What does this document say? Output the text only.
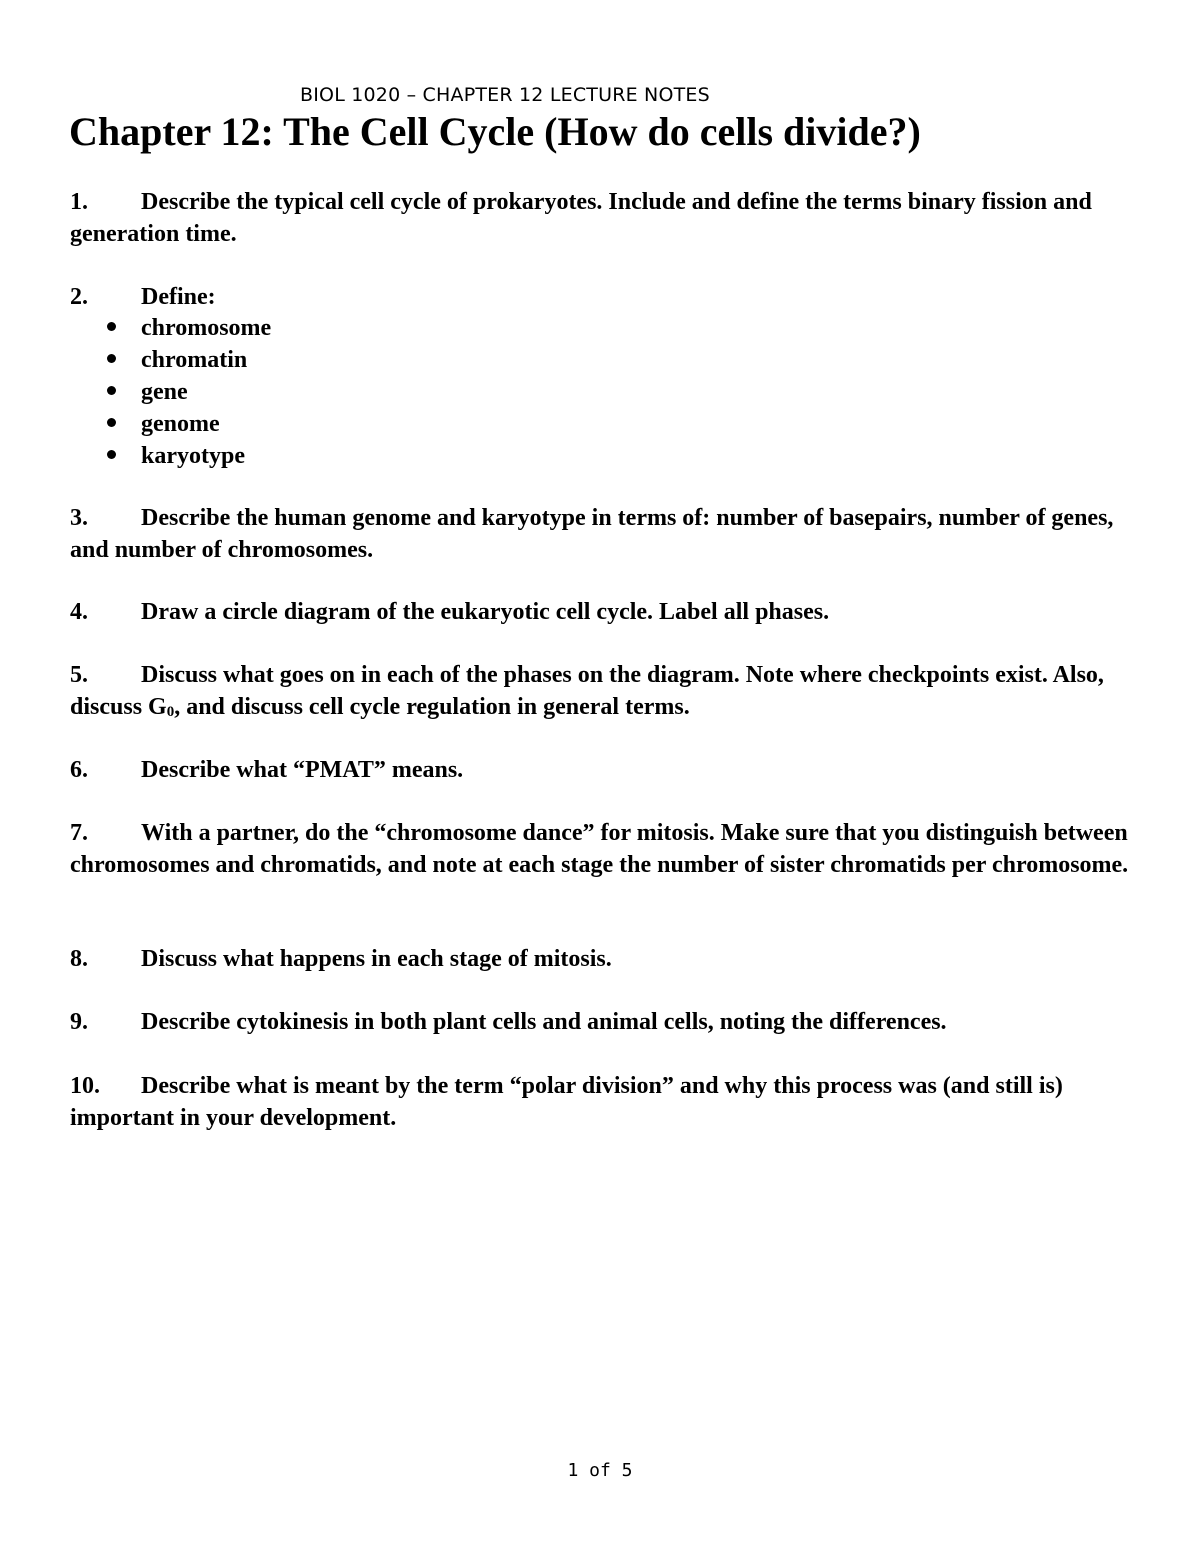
BIOL 1020 – CHAPTER 12 LECTURE NOTES
Chapter 12: The Cell Cycle (How do cells divide?)

1. Describe the typical cell cycle of prokaryotes. Include and define the terms binary fission and generation time.

2. Define:

chromosome
chromatin
gene
genome
karyotype

3. Describe the human genome and karyotype in terms of: number of basepairs, number of genes, and number of chromosomes.

4. Draw a circle diagram of the eukaryotic cell cycle. Label all phases.

5. Discuss what goes on in each of the phases on the diagram. Note where checkpoints exist. Also, discuss $G_0$, and discuss cell cycle regulation in general terms.

6. Describe what “PMAT” means.

7. With a partner, do the “chromosome dance” for mitosis. Make sure that you distinguish between chromosomes and chromatids, and note at each stage the number of sister chromatids per chromosome.

8. Discuss what happens in each stage of mitosis.

9. Describe cytokinesis in both plant cells and animal cells, noting the differences.

10. Describe what is meant by the term “polar division” and why this process was (and still is) important in your development.

1 of 5
